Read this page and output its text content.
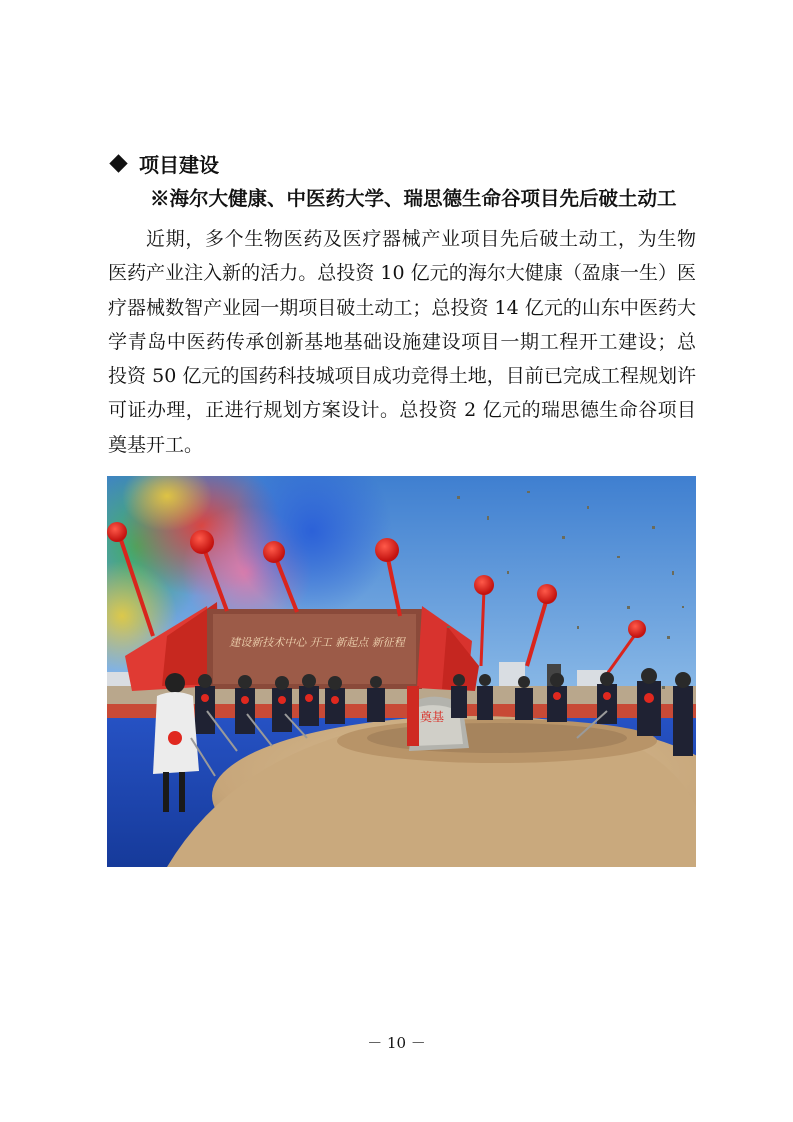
项目建设
※海尔大健康、中医药大学、瑞思德生命谷项目先后破土动工

近期，多个生物医药及医疗器械产业项目先后破土动工，为生物医药产业注入新的活力。总投资 10 亿元的海尔大健康（盈康一生）医疗器械数智产业园一期项目破土动工；总投资 14 亿元的山东中医药大学青岛中医药传承创新基地基础设施建设项目一期工程开工建设；总投资 50 亿元的国药科技城项目成功竞得土地，目前已完成工程规划许可证办理，正进行规划方案设计。总投资 2 亿元的瑞思德生命谷项目奠基开工。

建设新技术中心 开工 新起点 新征程
奠基
－ 10 －
